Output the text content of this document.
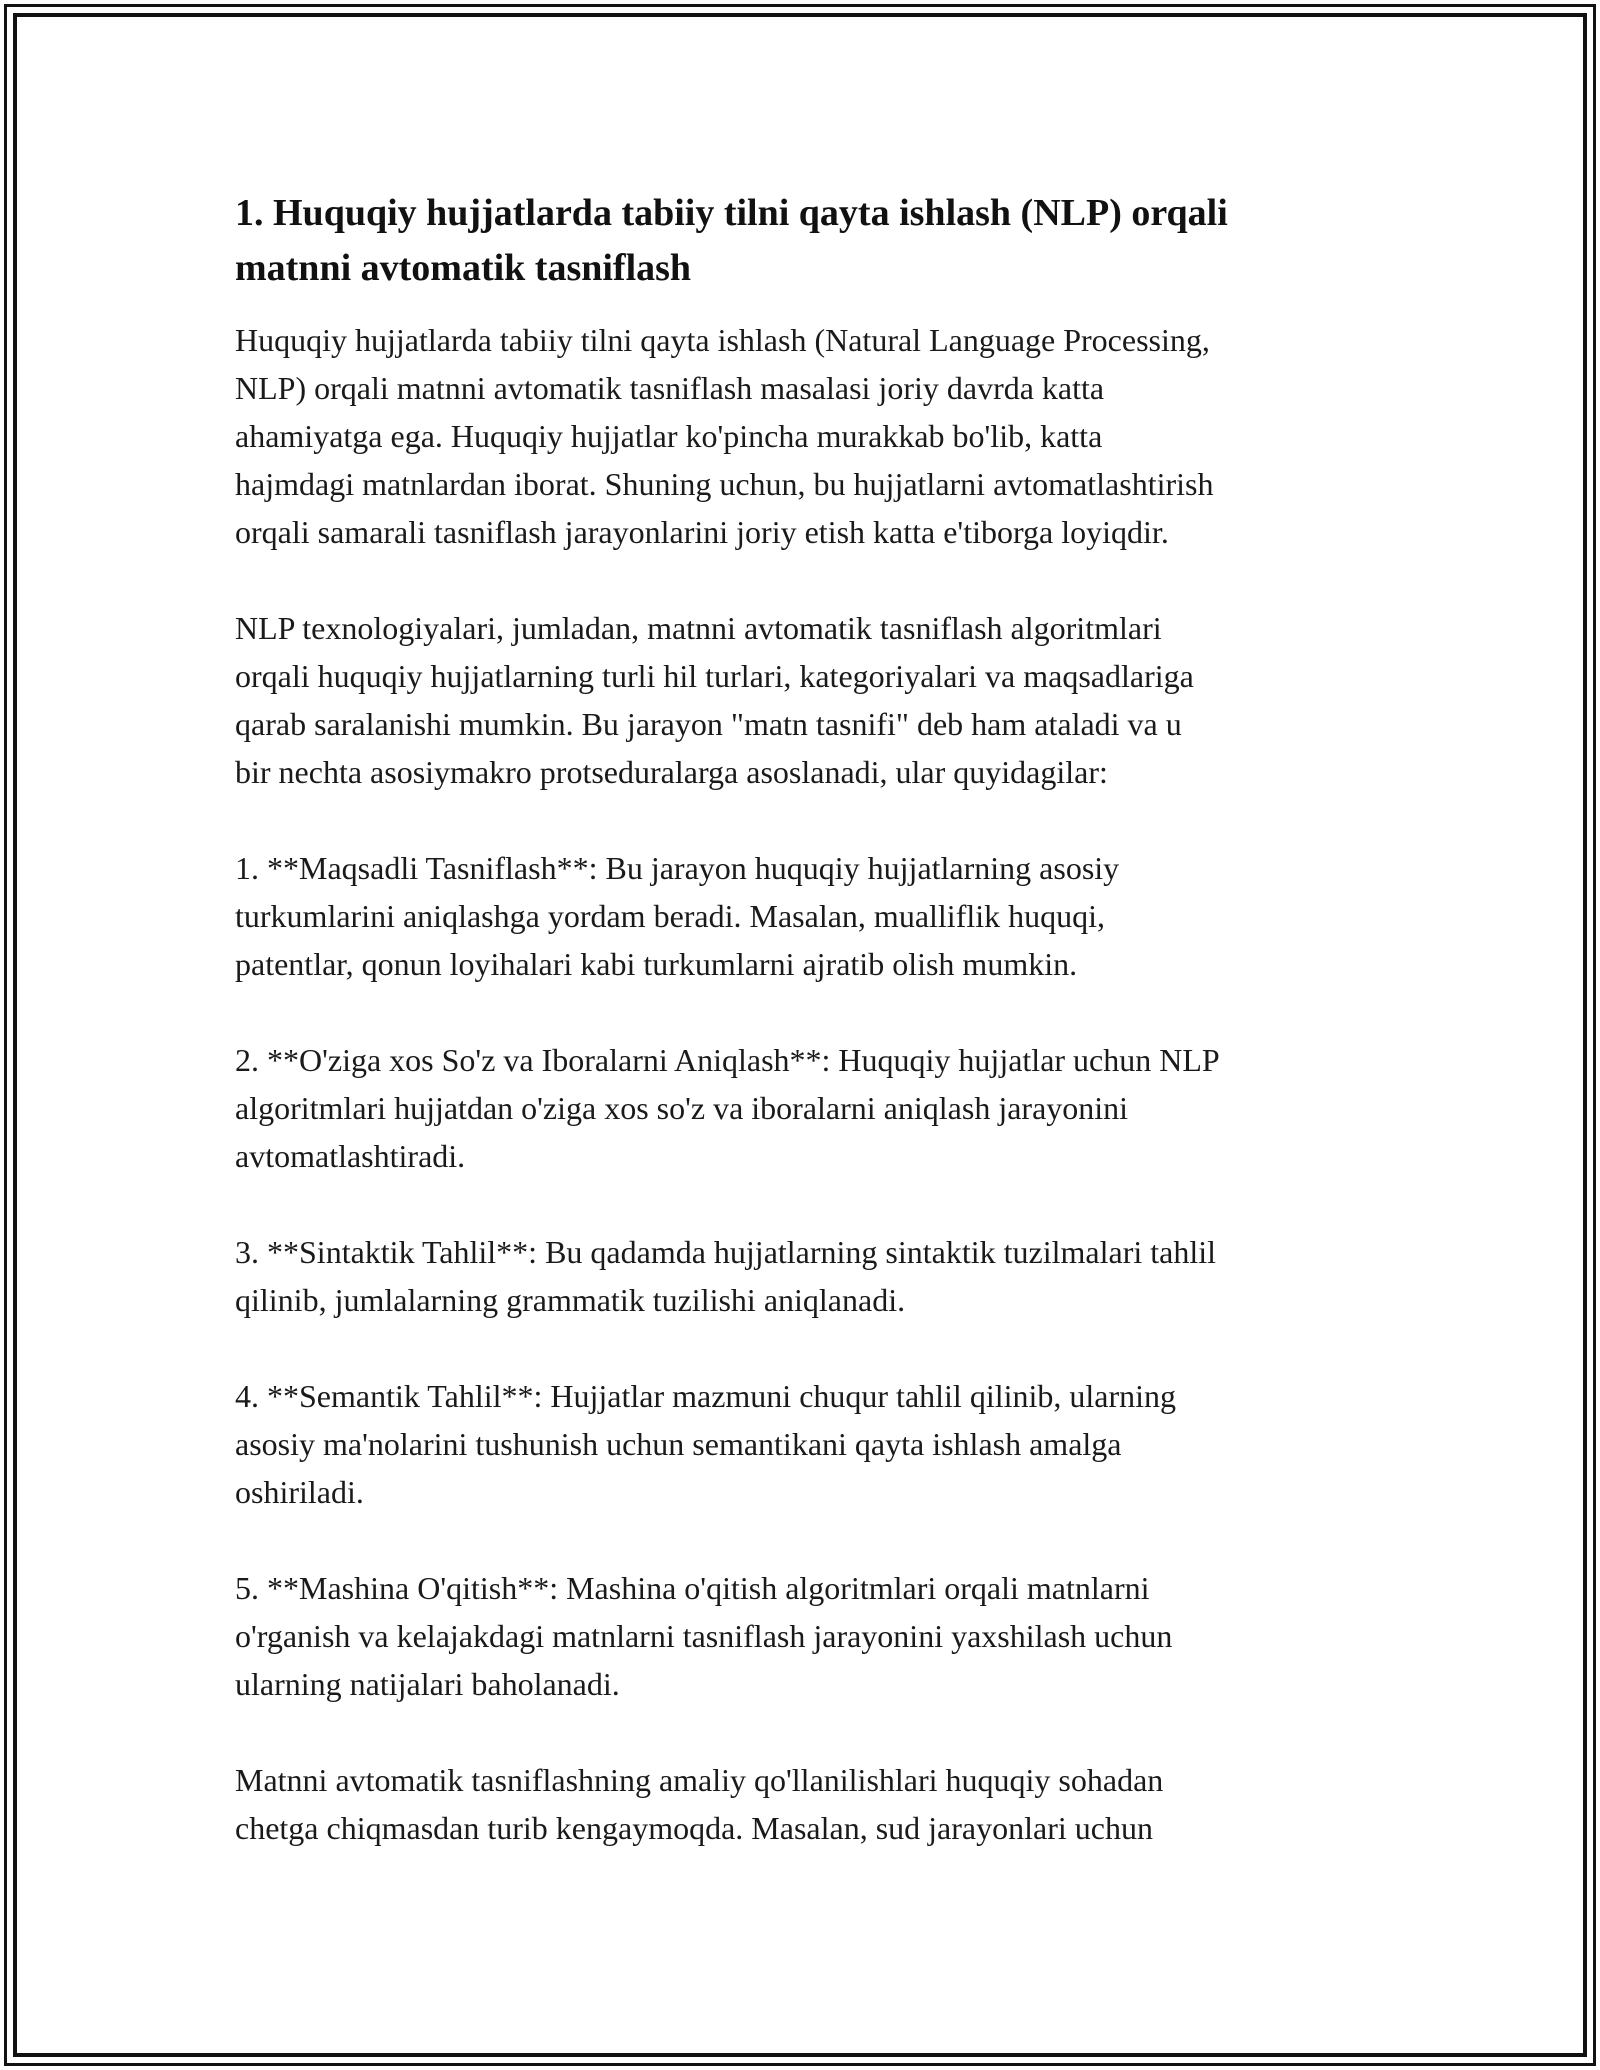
1. Huquqiy hujjatlarda tabiiy tilni qayta ishlash (NLP) orqali
matnni avtomatik tasniflash

Huquqiy hujjatlarda tabiiy tilni qayta ishlash (Natural Language Processing,
NLP) orqali matnni avtomatik tasniflash masalasi joriy davrda katta
ahamiyatga ega. Huquqiy hujjatlar ko'pincha murakkab bo'lib, katta
hajmdagi matnlardan iborat. Shuning uchun, bu hujjatlarni avtomatlashtirish
orqali samarali tasniflash jarayonlarini joriy etish katta e'tiborga loyiqdir.

NLP texnologiyalari, jumladan, matnni avtomatik tasniflash algoritmlari
orqali huquqiy hujjatlarning turli hil turlari, kategoriyalari va maqsadlariga
qarab saralanishi mumkin. Bu jarayon "matn tasnifi" deb ham ataladi va u
bir nechta asosiymakro protseduralarga asoslanadi, ular quyidagilar:

1. **Maqsadli Tasniflash**: Bu jarayon huquqiy hujjatlarning asosiy
turkumlarini aniqlashga yordam beradi. Masalan, mualliflik huquqi,
patentlar, qonun loyihalari kabi turkumlarni ajratib olish mumkin.

2. **O'ziga xos So'z va Iboralarni Aniqlash**: Huquqiy hujjatlar uchun NLP
algoritmlari hujjatdan o'ziga xos so'z va iboralarni aniqlash jarayonini
avtomatlashtiradi.

3. **Sintaktik Tahlil**: Bu qadamda hujjatlarning sintaktik tuzilmalari tahlil
qilinib, jumlalarning grammatik tuzilishi aniqlanadi.

4. **Semantik Tahlil**: Hujjatlar mazmuni chuqur tahlil qilinib, ularning
asosiy ma'nolarini tushunish uchun semantikani qayta ishlash amalga
oshiriladi.

5. **Mashina O'qitish**: Mashina o'qitish algoritmlari orqali matnlarni
o'rganish va kelajakdagi matnlarni tasniflash jarayonini yaxshilash uchun
ularning natijalari baholanadi.

Matnni avtomatik tasniflashning amaliy qo'llanilishlari huquqiy sohadan
chetga chiqmasdan turib kengaymoqda. Masalan, sud jarayonlari uchun
